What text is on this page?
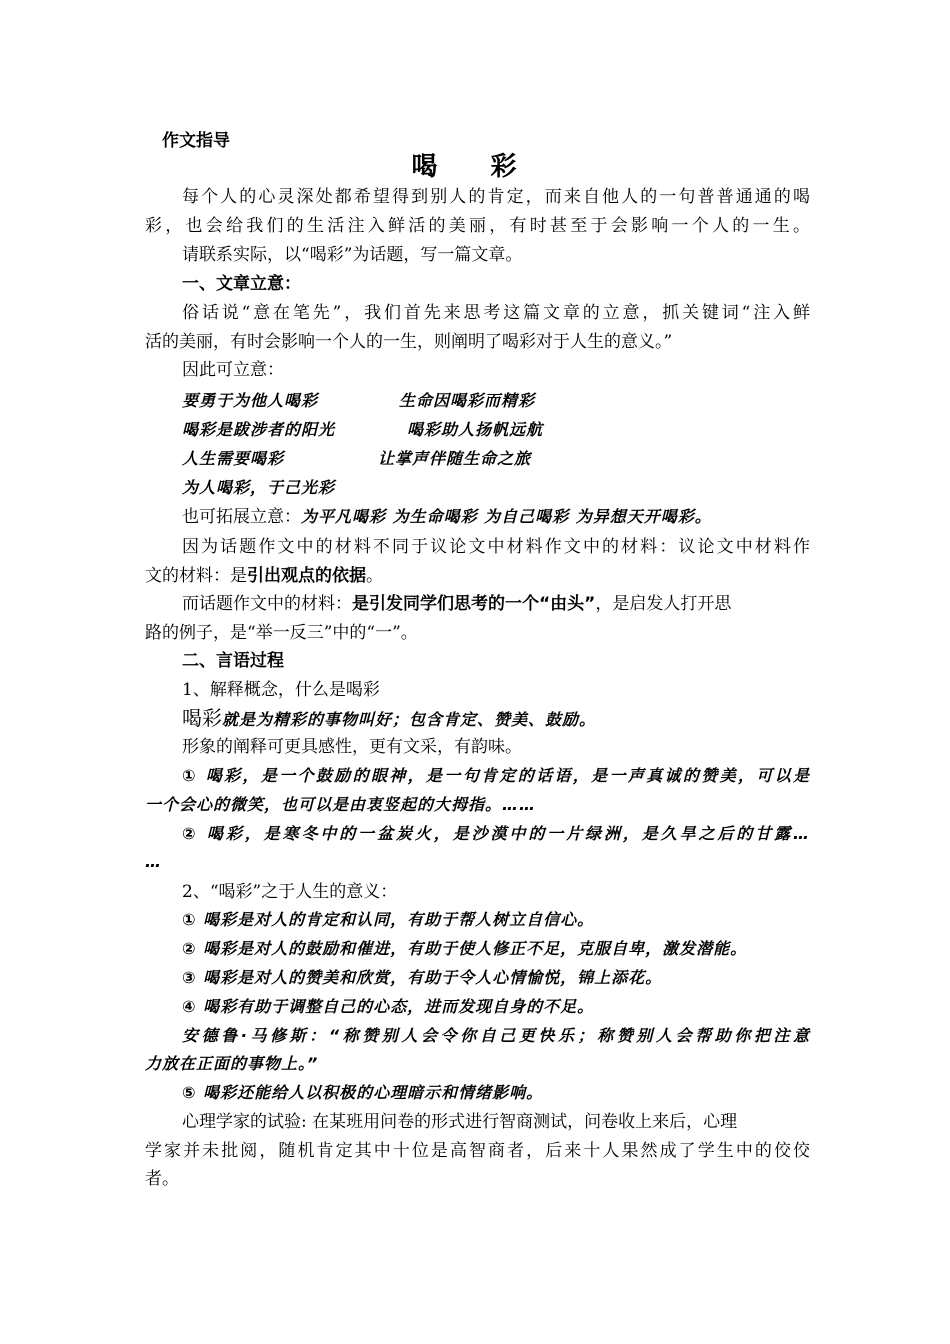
作文指导
喝 彩
每个人的心灵深处都希望得到别人的肯定，而来自他人的一句普普通通的喝
彩，也会给我们的生活注入鲜活的美丽，有时甚至于会影响一个人的一生。
请联系实际，以“喝彩”为话题，写一篇文章。
一、文章立意：
俗话说“意在笔先”，我们首先来思考这篇文章的立意，抓关键词“注入鲜
活的美丽，有时会影响一个人的一生，则阐明了喝彩对于人生的意义。”
因此可立意：
要勇于为他人喝彩	生命因喝彩而精彩
喝彩是跋涉者的阳光	喝彩助人扬帆远航
人生需要喝彩	让掌声伴随生命之旅
为人喝彩，于己光彩
也可拓展立意：为平凡喝彩 为生命喝彩 为自己喝彩 为异想天开喝彩。
因为话题作文中的材料不同于议论文中材料作文中的材料：议论文中材料作
文的材料：是引出观点的依据。
而话题作文中的材料：是引发同学们思考的一个“由头”，是启发人打开思
路的例子，是“举一反三”中的“一”。
二、言语过程
1、解释概念，什么是喝彩
喝彩就是为精彩的事物叫好；包含肯定、赞美、鼓励。
形象的阐释可更具感性，更有文采，有韵味。
① 喝彩，是一个鼓励的眼神，是一句肯定的话语，是一声真诚的赞美，可以是
一个会心的微笑，也可以是由衷竖起的大拇指。……
② 喝彩，是寒冬中的一盆炭火，是沙漠中的一片绿洲，是久旱之后的甘露…
…
2、“喝彩”之于人生的意义：
① 喝彩是对人的肯定和认同，有助于帮人树立自信心。
② 喝彩是对人的鼓励和催进，有助于使人修正不足，克服自卑，激发潜能。
③ 喝彩是对人的赞美和欣赏，有助于令人心情愉悦，锦上添花。
④ 喝彩有助于调整自己的心态，进而发现自身的不足。
安德鲁·马修斯：“称赞别人会令你自己更快乐；称赞别人会帮助你把注意
力放在正面的事物上。”
⑤ 喝彩还能给人以积极的心理暗示和情绪影响。
心理学家的试验: 在某班用问卷的形式进行智商测试，问卷收上来后，心理
学家并未批阅，随机肯定其中十位是高智商者，后来十人果然成了学生中的佼佼
者。
